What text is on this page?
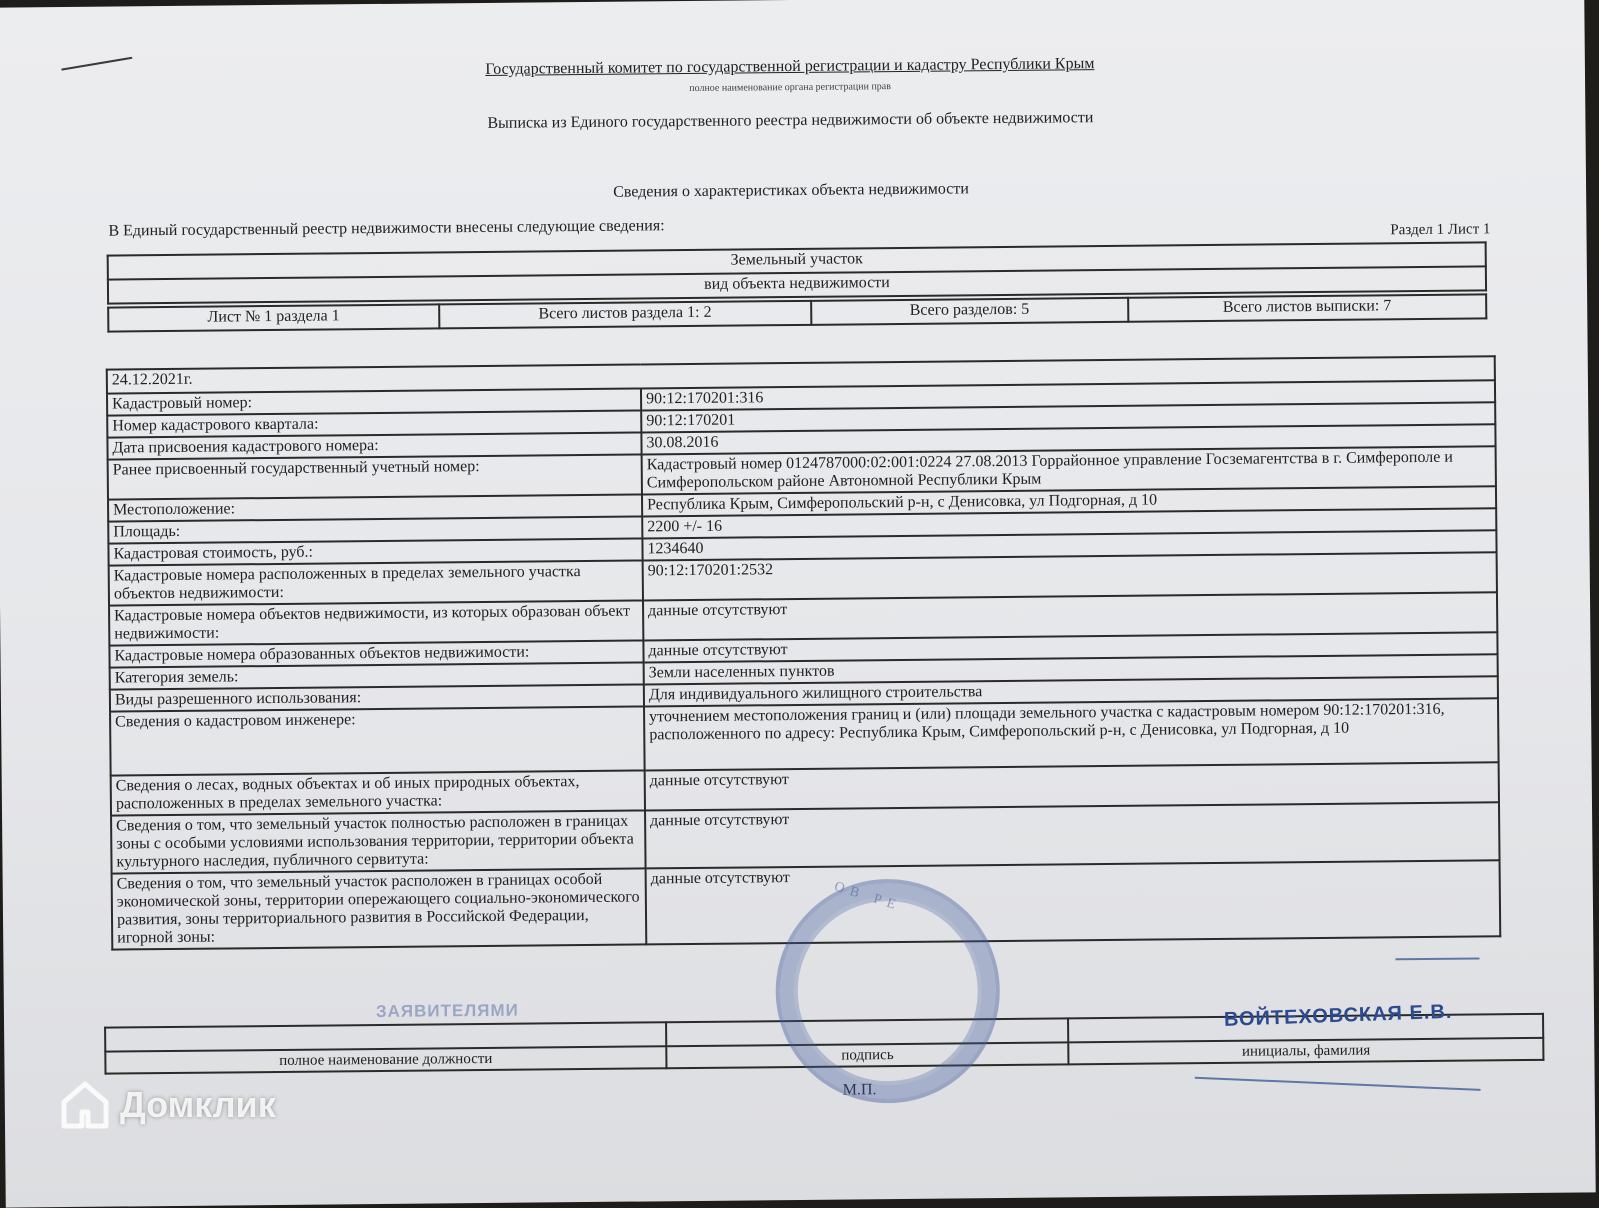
Государственный комитет по государственной регистрации и кадастру Республики Крым
полное наименование органа регистрации прав
Выписка из Единого государственного реестра недвижимости об объекте недвижимости
Сведения о характеристиках объекта недвижимости
В Единый государственный реестр недвижимости внесены следующие сведения:	Раздел 1 Лист 1
Земельный участок
вид объекта недвижимости
Лист № 1 раздела 1	Всего листов раздела 1: 2	Всего разделов: 5	Всего листов выписки: 7
24.12.2021г.	
Кадастровый номер:	90:12:170201:316
Номер кадастрового квартала:	90:12:170201
Дата присвоения кадастрового номера:	30.08.2016
Ранее присвоенный государственный учетный номер:	Кадастровый номер 0124787000:02:001:0224 27.08.2013 Горрайонное управление Госземагентства в г. Симферополе и Симферопольском районе Автономной Республики Крым
Местоположение:	Республика Крым, Симферопольский р-н, с Денисовка, ул Подгорная, д 10
Площадь:	2200 +/- 16
Кадастровая стоимость, руб.:	1234640
Кадастровые номера расположенных в пределах земельного участка объектов недвижимости:	90:12:170201:2532
Кадастровые номера объектов недвижимости, из которых образован объект недвижимости:	данные отсутствуют
Кадастровые номера образованных объектов недвижимости:	данные отсутствуют
Категория земель:	Земли населенных пунктов
Виды разрешенного использования:	Для индивидуального жилищного строительства
Сведения о кадастровом инженере:	уточнением местоположения границ и (или) площади земельного участка с кадастровым номером 90:12:170201:316, расположенного по адресу: Республика Крым, Симферопольский р-н, с Денисовка, ул Подгорная, д 10
Сведения о лесах, водных объектах и об иных природных объектах, расположенных в пределах земельного участка:	данные отсутствуют
Сведения о том, что земельный участок полностью расположен в границах зоны с особыми условиями использования территории, территории объекта культурного наследия, публичного сервитута:	данные отсутствуют
Сведения о том, что земельный участок расположен в границах особой экономической зоны, территории опережающего социально-экономического развития, зоны территориального развития в Российской Федерации, игорной зоны:	данные отсутствуют

полное наименование должности	подпись	инициалы, фамилия
М.П.
ОВ РЕ
ЗАЯВИТЕЛЯМИ	ВОЙТЕХОВСКАЯ Е.В.
Домклик
